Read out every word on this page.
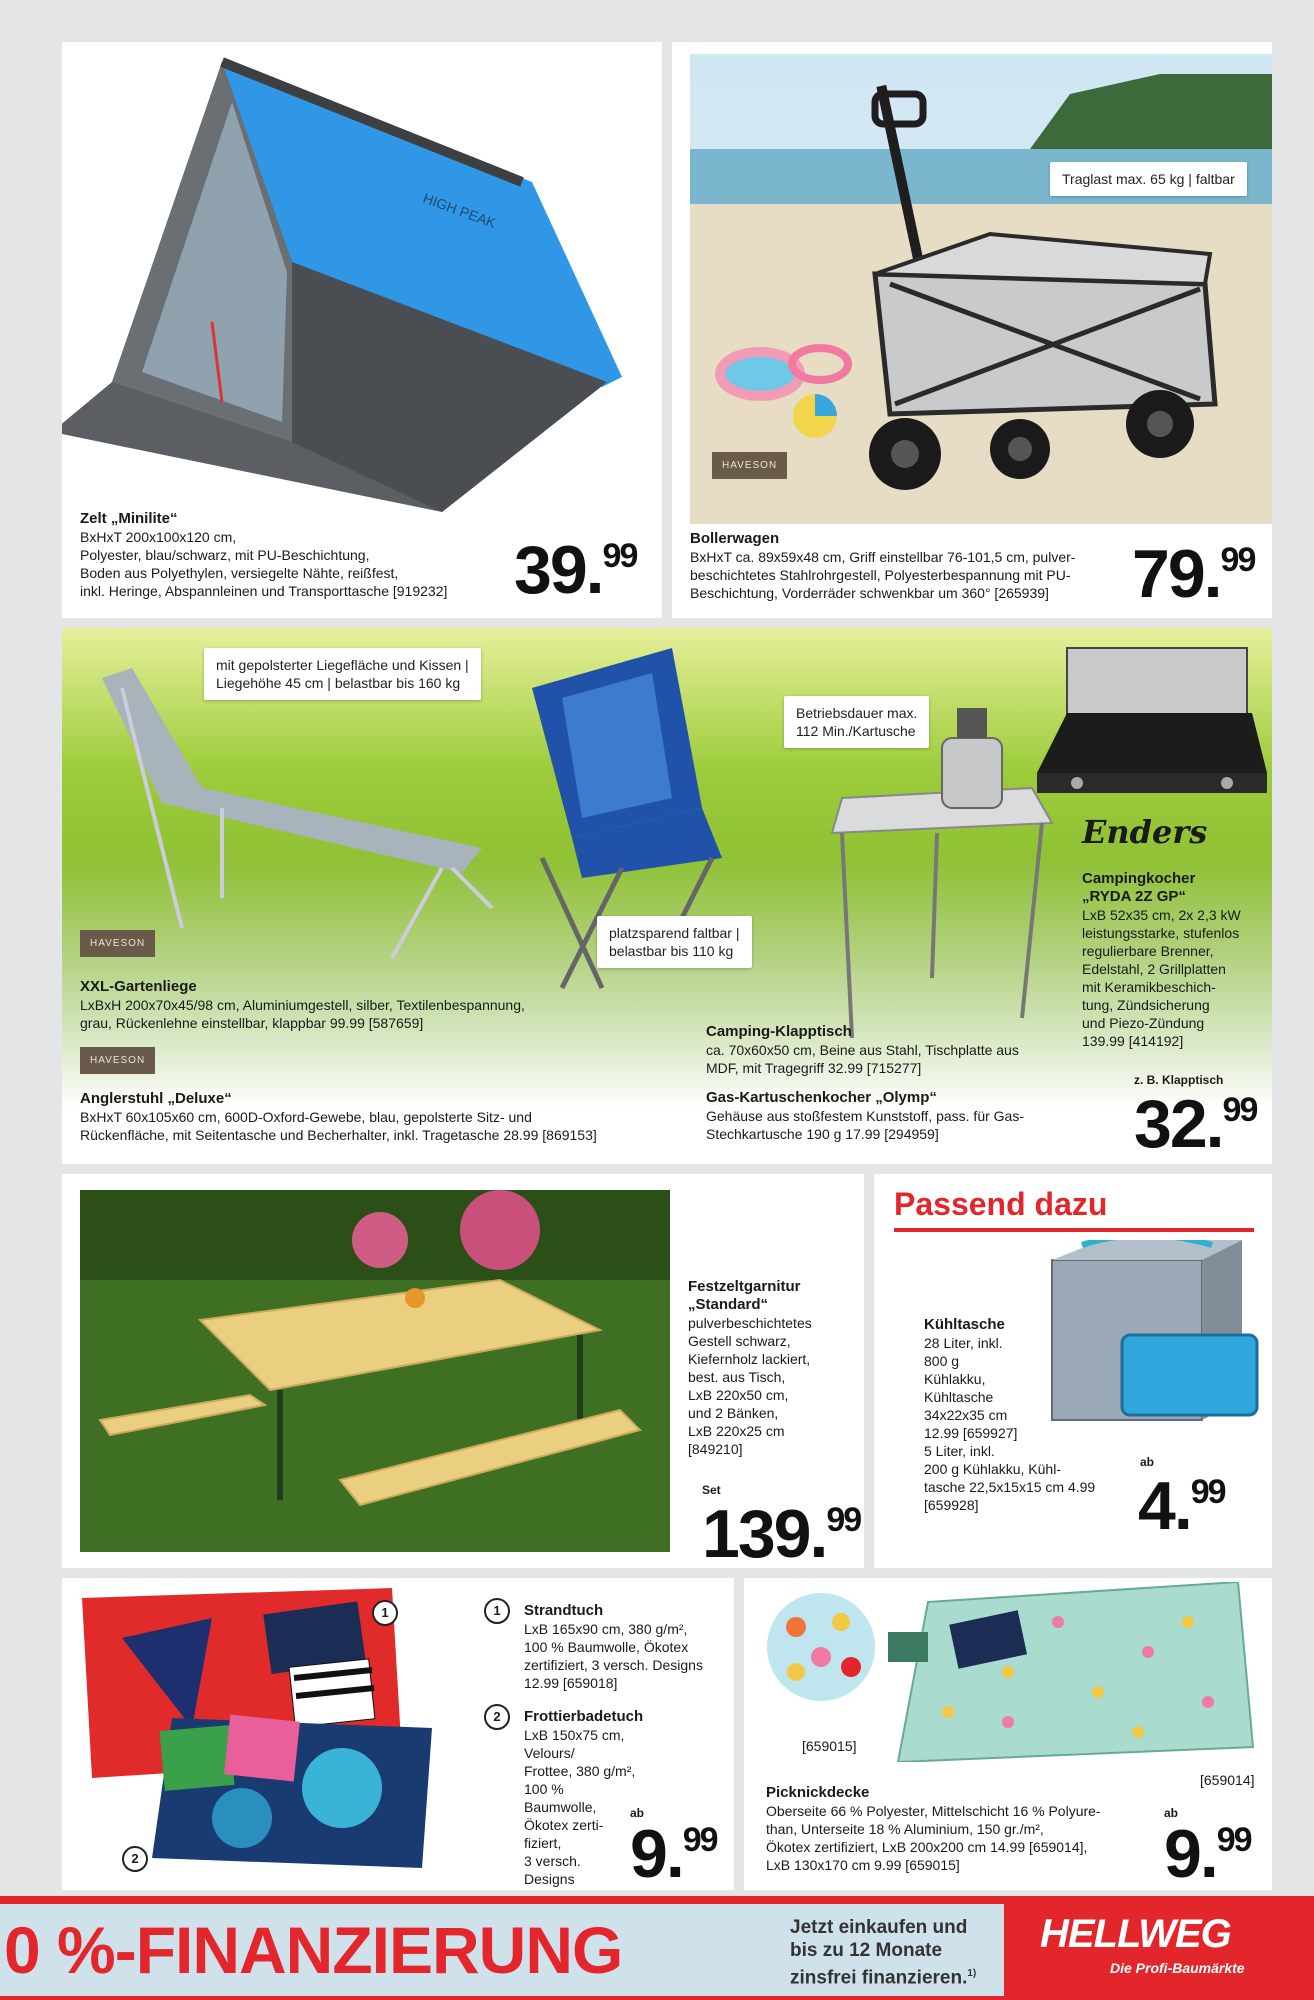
HIGH PEAK
Zelt „Minilite“
BxHxT 200x100x120 cm,
Polyester, blau/schwarz, mit PU-Beschichtung,
Boden aus Polyethylen, versiegelte Nähte, reißfest,
inkl. Heringe, Abspannleinen und Transporttasche [919232] 39.99
Traglast max. 65 kg | faltbar
HAVESON
Bollerwagen
BxHxT ca. 89x59x48 cm, Griff einstellbar 76-101,5 cm, pulver-
beschichtetes Stahlrohrgestell, Polyesterbespannung mit PU-
Beschichtung, Vorderräder schwenkbar um 360° [265939]	79.99
mit gepolsterter Liegefläche und Kissen |
Liegehöhe 45 cm | belastbar bis 160 kg
platzsparend faltbar |
belastbar bis 110 kg
Betriebsdauer max.
112 Min./Kartusche
HAVESON
XXL-Gartenliege
LxBxH 200x70x45/98 cm, Aluminiumgestell, silber, Textilenbespannung,
grau, Rückenlehne einstellbar, klappbar 99.99 [587659]
HAVESON
Anglerstuhl „Deluxe“
BxHxT 60x105x60 cm, 600D-Oxford-Gewebe, blau, gepolsterte Sitz- und
Rückenfläche, mit Seitentasche und Becherhalter, inkl. Tragetasche 28.99 [869153]
Camping-Klapptisch
ca. 70x60x50 cm, Beine aus Stahl, Tischplatte aus
MDF, mit Tragegriff 32.99 [715277]
Gas-Kartuschenkocher „Olymp“
Gehäuse aus stoßfestem Kunststoff, pass. für Gas-
Stechkartusche 190 g 17.99 [294959]
Enders
Campingkocher
„RYDA 2Z GP“
LxB 52x35 cm, 2x 2,3 kW
leistungsstarke, stufenlos
regulierbare Brenner,
Edelstahl, 2 Grillplatten
mit Keramikbeschich-
tung, Zündsicherung
und Piezo-Zündung
139.99 [414192]
z. B. Klapptisch
32.99
Festzeltgarnitur
„Standard“
pulverbeschichtetes
Gestell schwarz,
Kiefernholz lackiert,
best. aus Tisch,
LxB 220x50 cm,
und 2 Bänken,
LxB 220x25 cm
[849210]
Set
139.99
Passend dazu
Kühltasche
28 Liter, inkl.
800 g
Kühlakku,
Kühltasche
34x22x35 cm
12.99 [659927]
5 Liter, inkl.
200 g Kühlakku, Kühl-
tasche 22,5x15x15 cm 4.99
[659928]
ab
4.99
1
2
1	Strandtuch
LxB 165x90 cm, 380 g/m²,
100 % Baumwolle, Ökotex
zertifiziert, 3 versch. Designs
12.99 [659018]
2	Frottierbadetuch
LxB 150x75 cm, Velours/
Frottee, 380 g/m², 100 %
Baumwolle, Ökotex zerti-
fiziert,
3 versch.
Designs

ab
9.99
[659015]
[659014]
Picknickdecke
Oberseite 66 % Polyester, Mittelschicht 16 % Polyure-
than, Unterseite 18 % Aluminium, 150 gr./m²,
Ökotex zertifiziert, LxB 200x200 cm 14.99 [659014],
LxB 130x170 cm 9.99 [659015]
ab
9.99
0 %-FINANZIERUNG	Jetzt einkaufen und
bis zu 12 Monate
zinsfrei finanzieren.$^{1)}$
HELLWEG
Die Profi-Baumärkte
